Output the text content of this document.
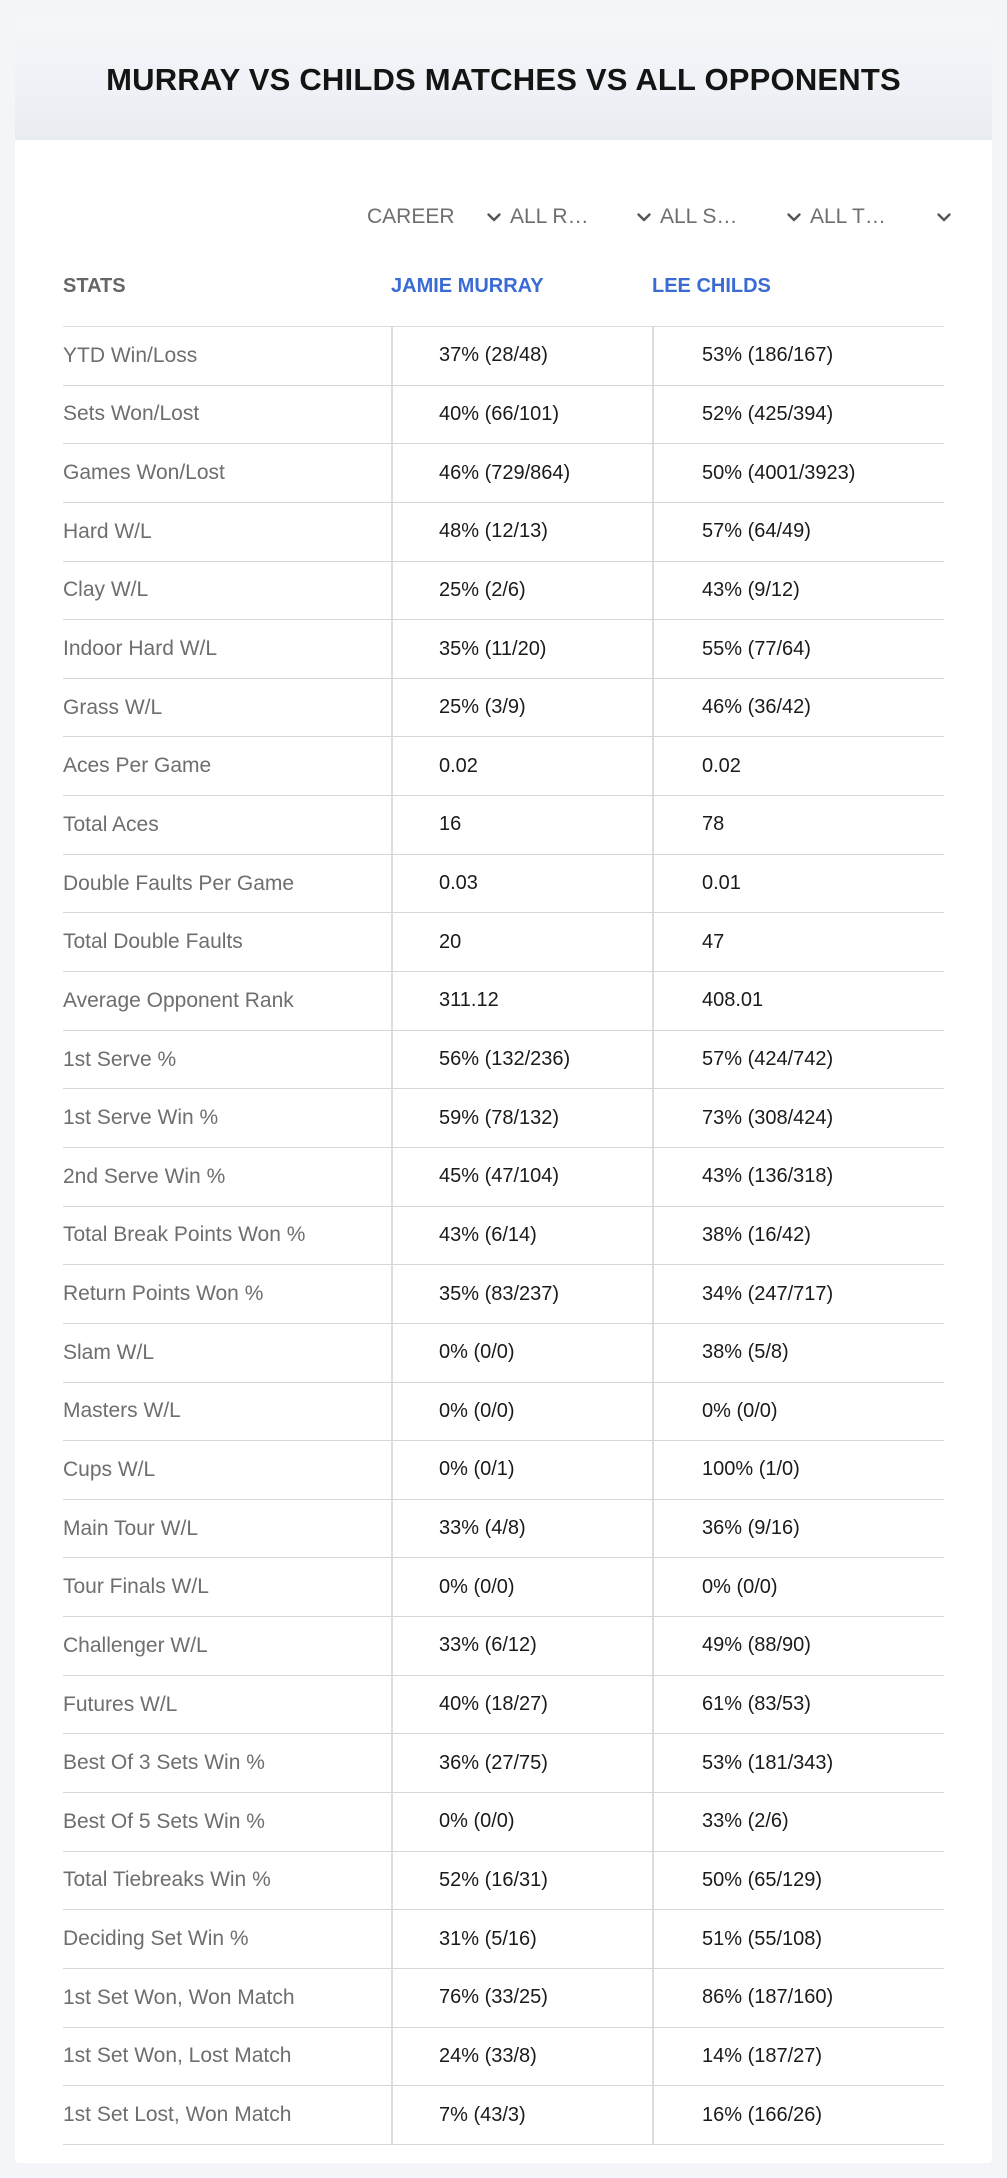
MURRAY VS CHILDS MATCHES VS ALL OPPONENTS
CAREER	ALL R…	ALL S…	ALL T…
STATS	JAMIE MURRAY	LEE CHILDS
YTD Win/Loss	37% (28/48)	53% (186/167)
Sets Won/Lost	40% (66/101)	52% (425/394)
Games Won/Lost	46% (729/864)	50% (4001/3923)
Hard W/L	48% (12/13)	57% (64/49)
Clay W/L	25% (2/6)	43% (9/12)
Indoor Hard W/L	35% (11/20)	55% (77/64)
Grass W/L	25% (3/9)	46% (36/42)
Aces Per Game	0.02	0.02
Total Aces	16	78
Double Faults Per Game	0.03	0.01
Total Double Faults	20	47
Average Opponent Rank	311.12	408.01
1st Serve %	56% (132/236)	57% (424/742)
1st Serve Win %	59% (78/132)	73% (308/424)
2nd Serve Win %	45% (47/104)	43% (136/318)
Total Break Points Won %	43% (6/14)	38% (16/42)
Return Points Won %	35% (83/237)	34% (247/717)
Slam W/L	0% (0/0)	38% (5/8)
Masters W/L	0% (0/0)	0% (0/0)
Cups W/L	0% (0/1)	100% (1/0)
Main Tour W/L	33% (4/8)	36% (9/16)
Tour Finals W/L	0% (0/0)	0% (0/0)
Challenger W/L	33% (6/12)	49% (88/90)
Futures W/L	40% (18/27)	61% (83/53)
Best Of 3 Sets Win %	36% (27/75)	53% (181/343)
Best Of 5 Sets Win %	0% (0/0)	33% (2/6)
Total Tiebreaks Win %	52% (16/31)	50% (65/129)
Deciding Set Win %	31% (5/16)	51% (55/108)
1st Set Won, Won Match	76% (33/25)	86% (187/160)
1st Set Won, Lost Match	24% (33/8)	14% (187/27)
1st Set Lost, Won Match	7% (43/3)	16% (166/26)
